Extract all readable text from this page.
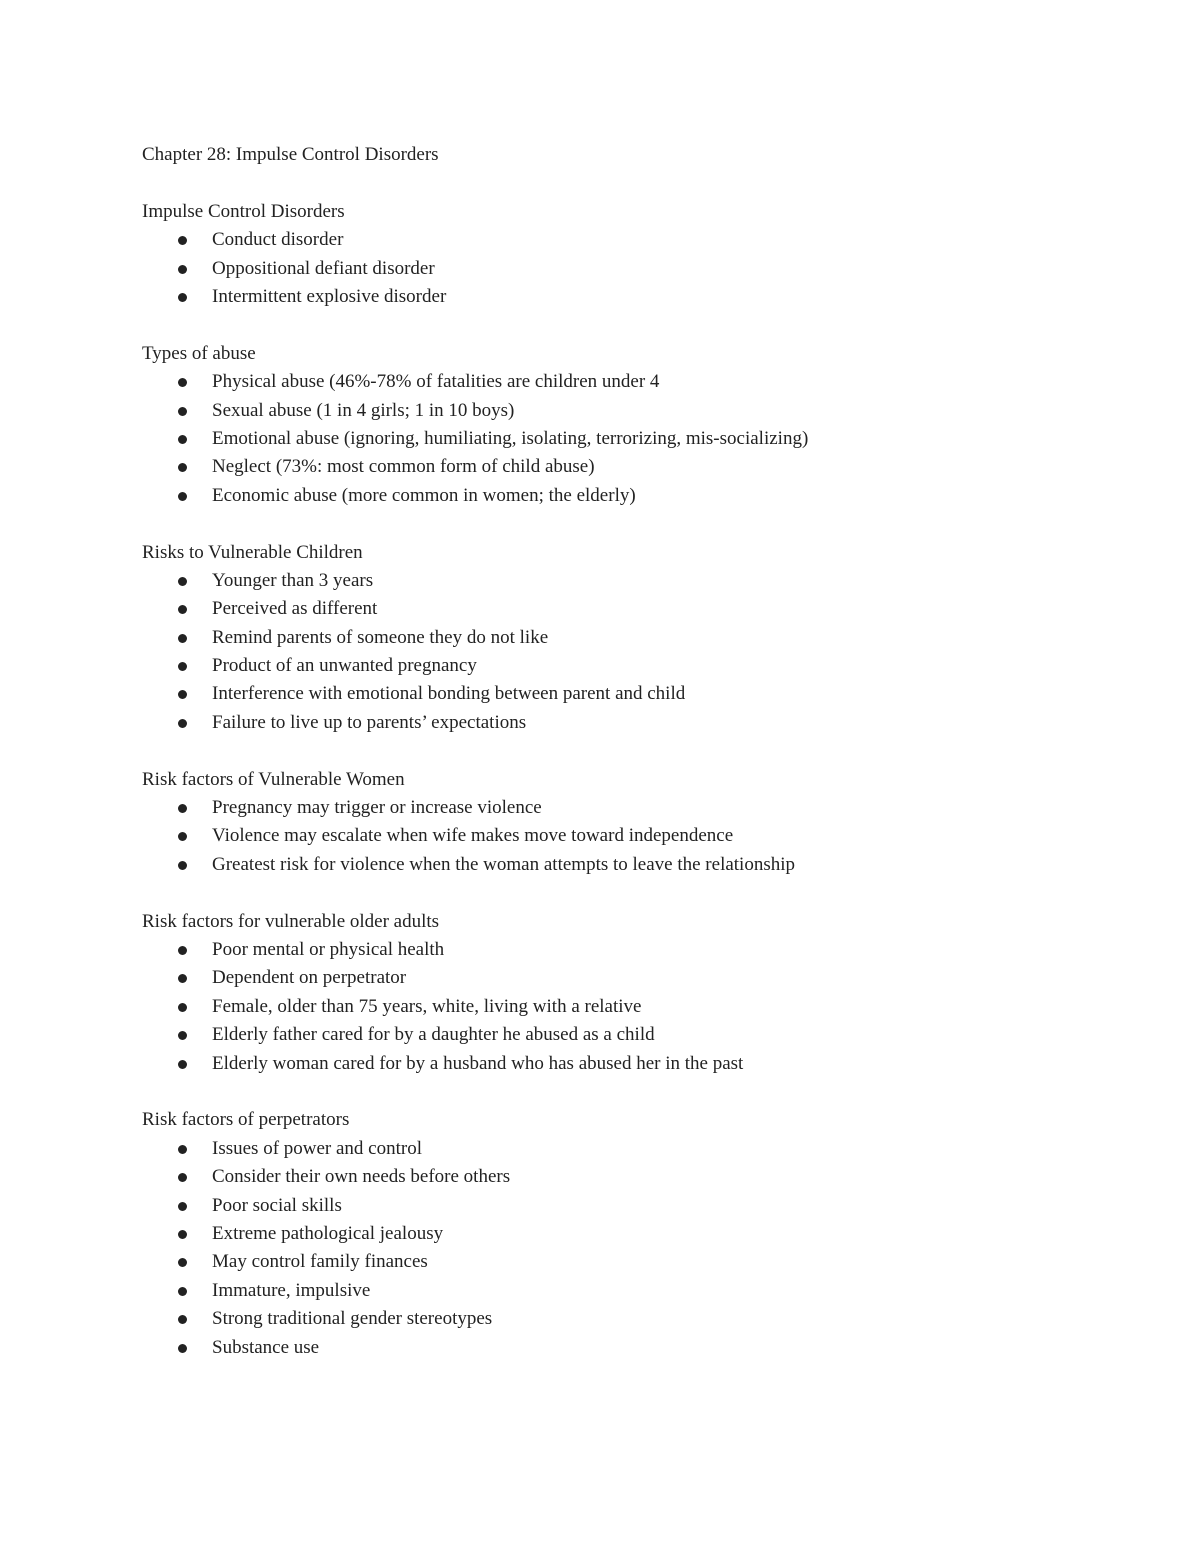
Chapter 28: Impulse Control Disorders
Impulse Control Disorders
Conduct disorder
Oppositional defiant disorder
Intermittent explosive disorder
Types of abuse
Physical abuse (46%-78% of fatalities are children under 4
Sexual abuse (1 in 4 girls; 1 in 10 boys)
Emotional abuse (ignoring, humiliating, isolating, terrorizing, mis-socializing)
Neglect (73%: most common form of child abuse)
Economic abuse (more common in women; the elderly)
Risks to Vulnerable Children
Younger than 3 years
Perceived as different
Remind parents of someone they do not like
Product of an unwanted pregnancy
Interference with emotional bonding between parent and child
Failure to live up to parents’ expectations
Risk factors of Vulnerable Women
Pregnancy may trigger or increase violence
Violence may escalate when wife makes move toward independence
Greatest risk for violence when the woman attempts to leave the relationship
Risk factors for vulnerable older adults
Poor mental or physical health
Dependent on perpetrator
Female, older than 75 years, white, living with a relative
Elderly father cared for by a daughter he abused as a child
Elderly woman cared for by a husband who has abused her in the past
Risk factors of perpetrators
Issues of power and control
Consider their own needs before others
Poor social skills
Extreme pathological jealousy
May control family finances
Immature, impulsive
Strong traditional gender stereotypes
Substance use
